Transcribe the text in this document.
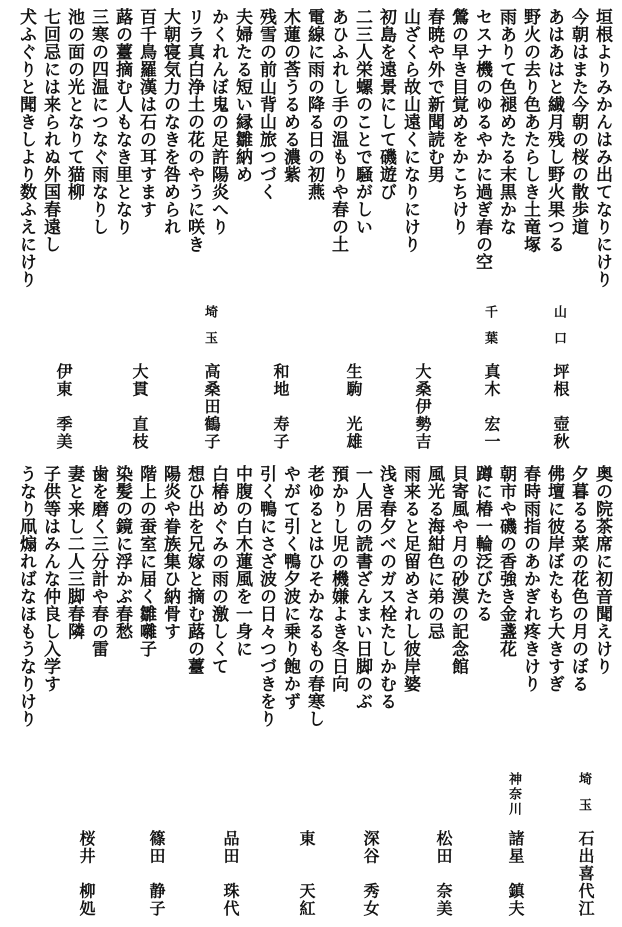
垣根よりみかんはみ出てなりにけり
今朝はまた今朝の桜の散歩道
あはあはと繊月残し野火果つる
野火の去り色あたらしき土竜塚
雨ありて色褪めたる末黒かな
セスナ機のゆるやかに過ぎ春の空
鶯の早き目覚めをかこちけり
春暁や外で新聞読む男
山ざくら故山遠くになりにけり
初島を遠景にして磯遊び
二三人栄螺のことで騒がしい
あひふれし手の温もりや春の土
電線に雨の降る日の初燕
木蓮の莟うるめる濃紫
残雪の前山背山旅つづく
夫婦たる短い縁雛納め
かくれんぼ鬼の足許陽炎へり
リラ真白浄土の花のやうに咲き
大朝寝気力のなきを咎められ
百千鳥羅漢は石の耳すます
蕗の薹摘む人もなき里となり
三寒の四温につなぐ雨なりし
池の面の光となりて猫柳
七回忌には来られぬ外国春遠し
犬ふぐりと聞きしより数ふえにけり
山口坪根　壺秋
千葉真木　宏一
大桑伊勢吉
生駒　光雄
和地　寿子
埼玉高桑田鶴子
大貫　直枝
伊東　季美
奥の院茶席に初音聞えけり
夕暮るる菜の花色の月のぼる
佛壇に彼岸ぼたもち大きすぎ
春時雨指のあかぎれ疼きけり
朝市や磯の香強き金盞花
蹲に椿一輪泛びたる
貝寄風や月の砂漠の記念館
風光る海紺色に弟の忌
雨来ると足留めされし彼岸婆
浅き春夕べのガス栓たしかむる
一人居の読書ざんまい日脚のぶ
預かりし児の機嫌よき冬日向
老ゆるとはひそかなるもの春寒し
やがて引く鴨夕波に乗り飽かず
引く鴨にさざ波の日々つづきをり
中腹の白木蓮風を一身に
白椿めぐみの雨の激しくて
想ひ出を兄嫁と摘む蕗の薹
陽炎や眷族集ひ納骨す
階上の蚕室に届く雛囃子
染髪の鏡に浮かぶ春愁
歯を磨く三分計や春の雷
妻と来し二人三脚春隣
子供等はみんな仲良し入学す
うなり凧煽ればなほもうなりけり
埼玉石出喜代江
神奈川諸星　鎮夫
松田　奈美
深谷　秀女
東　　天紅
品田　珠代
篠田　静子
桜井　柳処
